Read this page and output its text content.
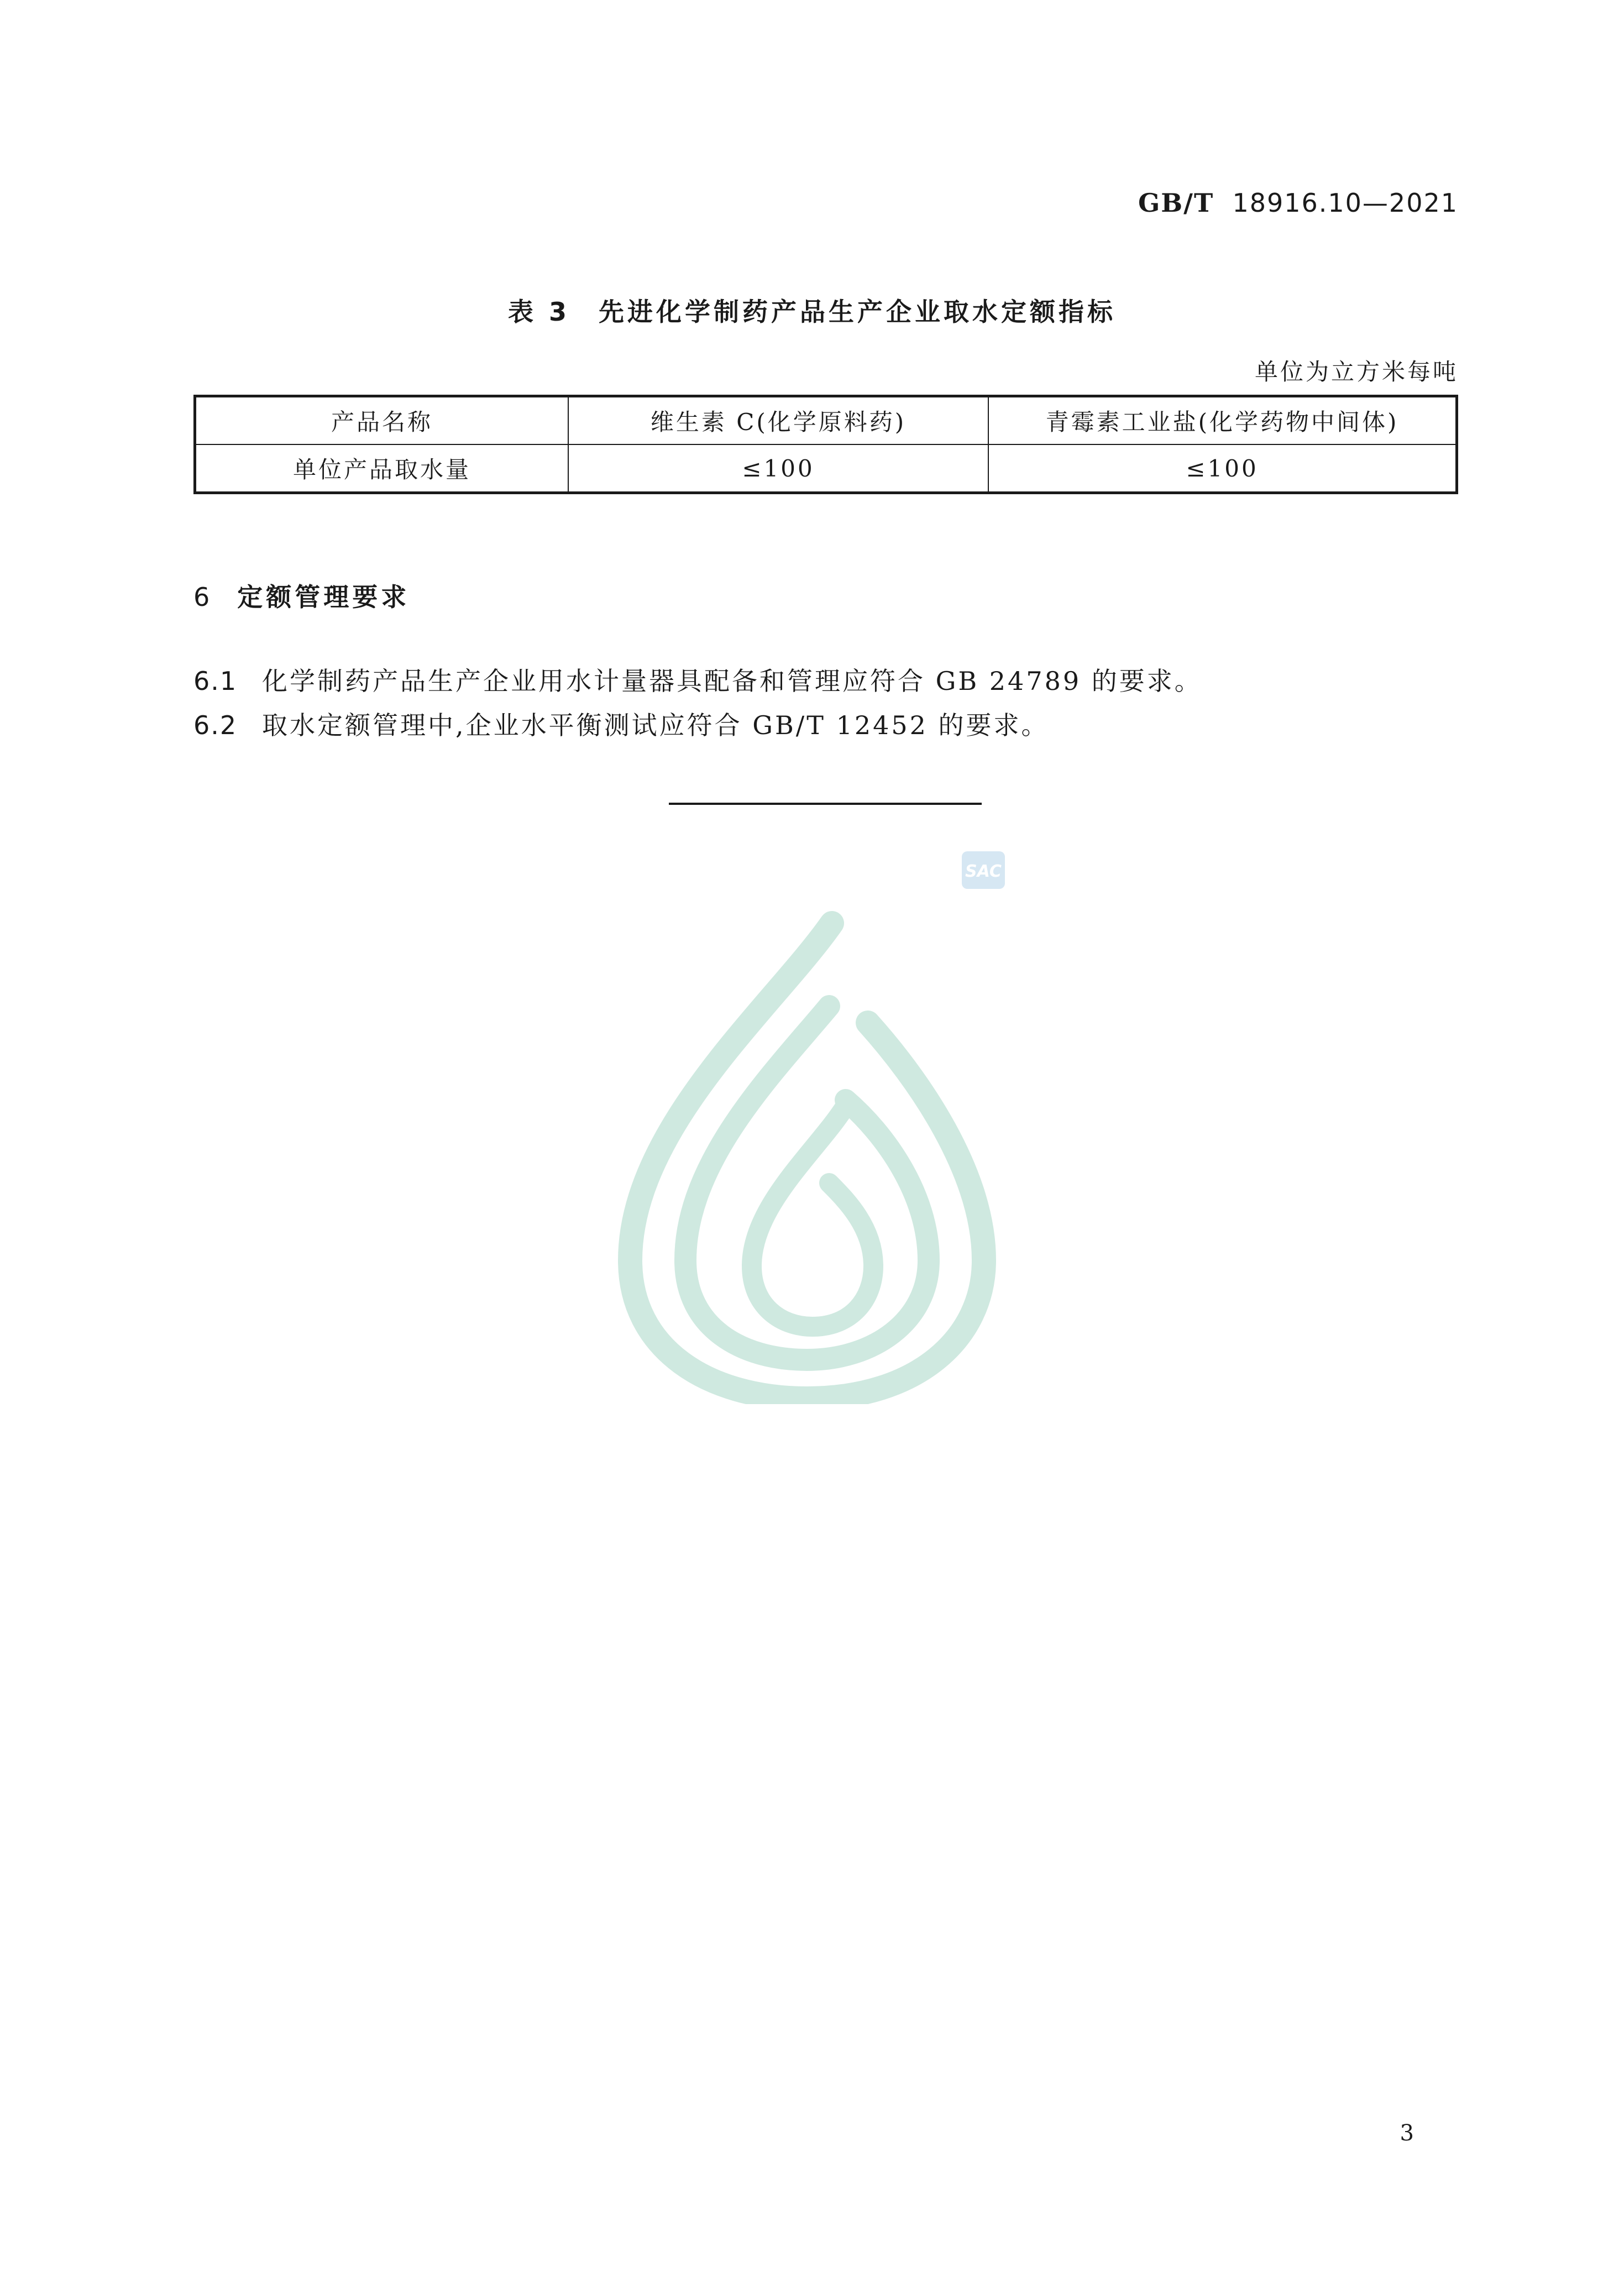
GB/T 18916.10—2021
表 3　先进化学制药产品生产企业取水定额指标
单位为立方米每吨
产品名称	维生素 C(化学原料药)	青霉素工业盐(化学药物中间体)
单位产品取水量	≤100	≤100
6 定额管理要求
6.1 化学制药产品生产企业用水计量器具配备和管理应符合 GB 24789 的要求。
6.2 取水定额管理中,企业水平衡测试应符合 GB/T 12452 的要求。
SAC
3
